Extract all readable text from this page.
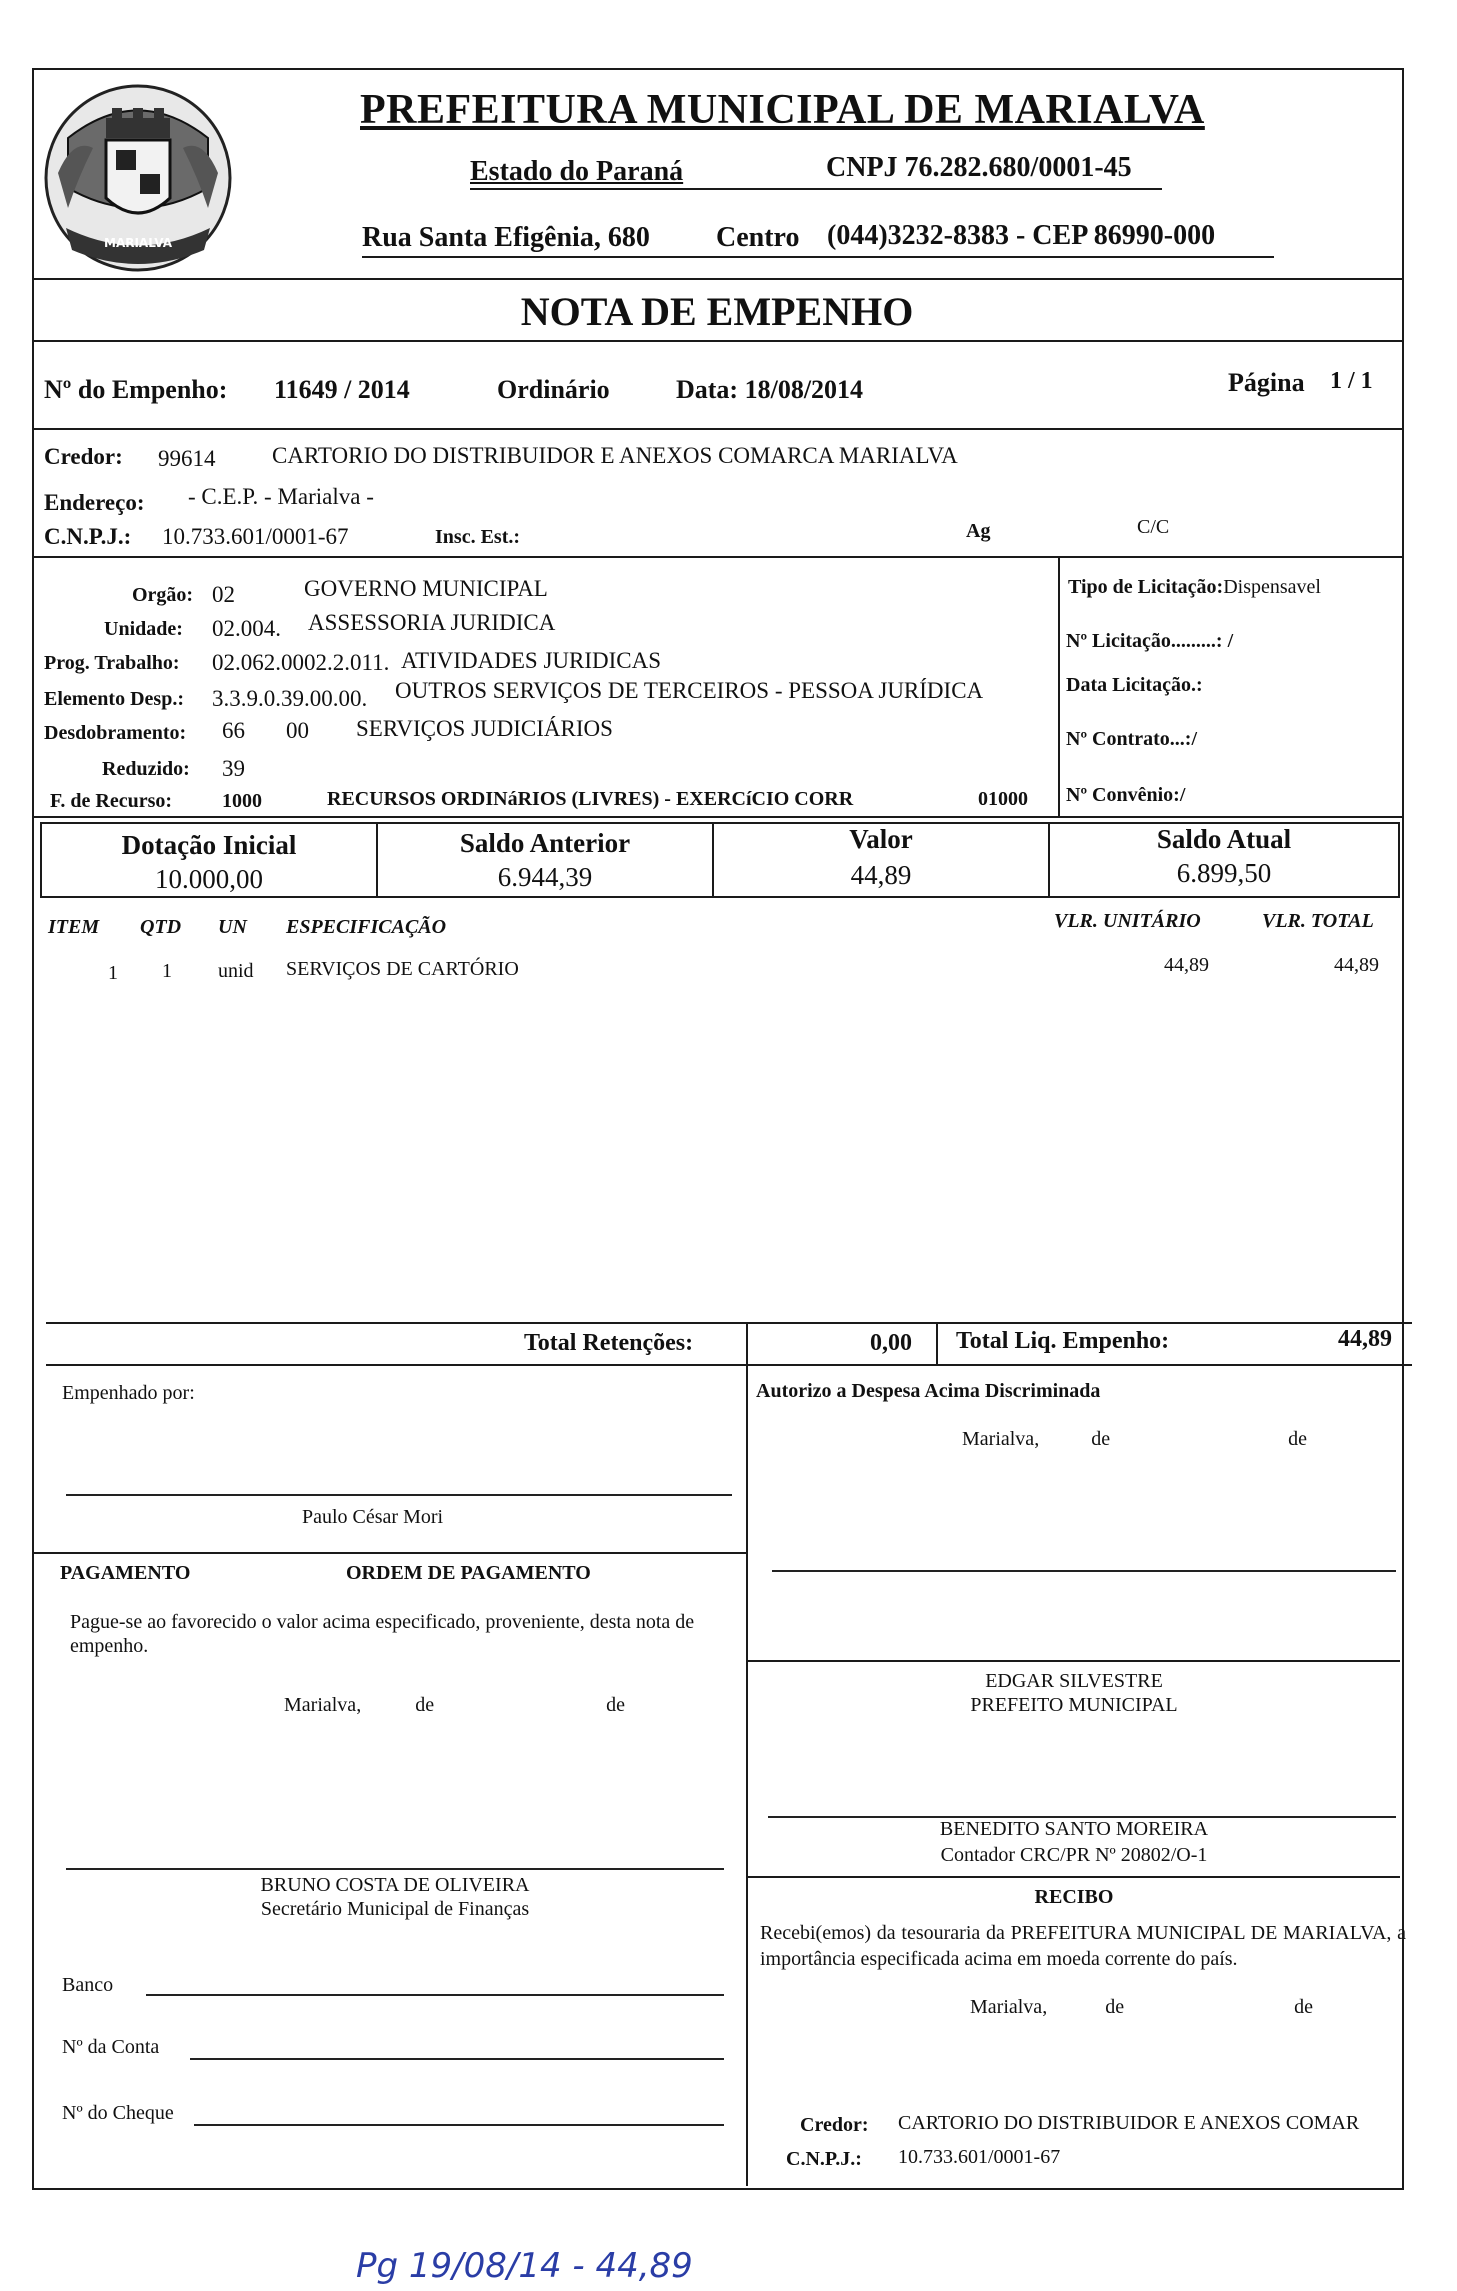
MARIALVA
PREFEITURA MUNICIPAL DE MARIALVA
Estado do Paraná	CNPJ 76.282.680/0001-45
Rua Santa Efigênia, 680 Centro (044)3232-8383 - CEP 86990-000
NOTA DE EMPENHO
Nº do Empenho: 11649 / 2014	Ordinário	Data: 18/08/2014	Página 1 / 1
Credor: 99614 CARTORIO DO DISTRIBUIDOR E ANEXOS COMARCA MARIALVA
Endereço: - C.E.P. - Marialva -
C.N.P.J.: 10.733.601/0001-67	Insc. Est.:	Ag	C/C
Orgão: 02	GOVERNO MUNICIPAL
Unidade: 02.004. ASSESSORIA JURIDICA
Prog. Trabalho: 02.062.0002.2.011. ATIVIDADES JURIDICAS
Elemento Desp.: 3.3.9.0.39.00.00. OUTROS SERVIÇOS DE TERCEIROS - PESSOA JURÍDICA
Desdobramento: 66 00 SERVIÇOS JUDICIÁRIOS
Reduzido: 39
F. de Recurso: 1000	RECURSOS ORDINáRIOS (LIVRES) - EXERCíCIO CORR	01000
Tipo de Licitação:Dispensavel
Nº Licitação.........: /
Data Licitação.:
Nº Contrato...:/
Nº Convênio:/
Dotação Inicial
10.000,00
Saldo Anterior
6.944,39
Valor
44,89
Saldo Atual
6.899,50
ITEM QTD UN ESPECIFICAÇÃO	VLR. UNITÁRIO	VLR. TOTAL
1 1 unid SERVIÇOS DE CARTÓRIO	44,89	44,89
Total Retenções:	0,00 Total Liq. Empenho:	44,89
Empenhado por:	Autorizo a Despesa Acima Discriminada
Marialva,	de	de
Paulo César Mori
PAGAMENTO	ORDEM DE PAGAMENTO
Pague-se ao favorecido o valor acima especificado, proveniente, desta nota de empenho.
Marialva,	de	de
EDGAR SILVESTRE
PREFEITO MUNICIPAL
BENEDITO SANTO MOREIRA
Contador CRC/PR Nº 20802/O-1
BRUNO COSTA DE OLIVEIRA
Secretário Municipal de Finanças
RECIBO
Recebi(emos) da tesouraria da PREFEITURA MUNICIPAL DE MARIALVA, a importância especificada acima em moeda corrente do país.
Marialva,	de	de
Banco
Nº da Conta
Nº do Cheque
Credor: CARTORIO DO DISTRIBUIDOR E ANEXOS COMAR
C.N.P.J.: 10.733.601/0001-67
Pg 19/08/14 - 44,89
